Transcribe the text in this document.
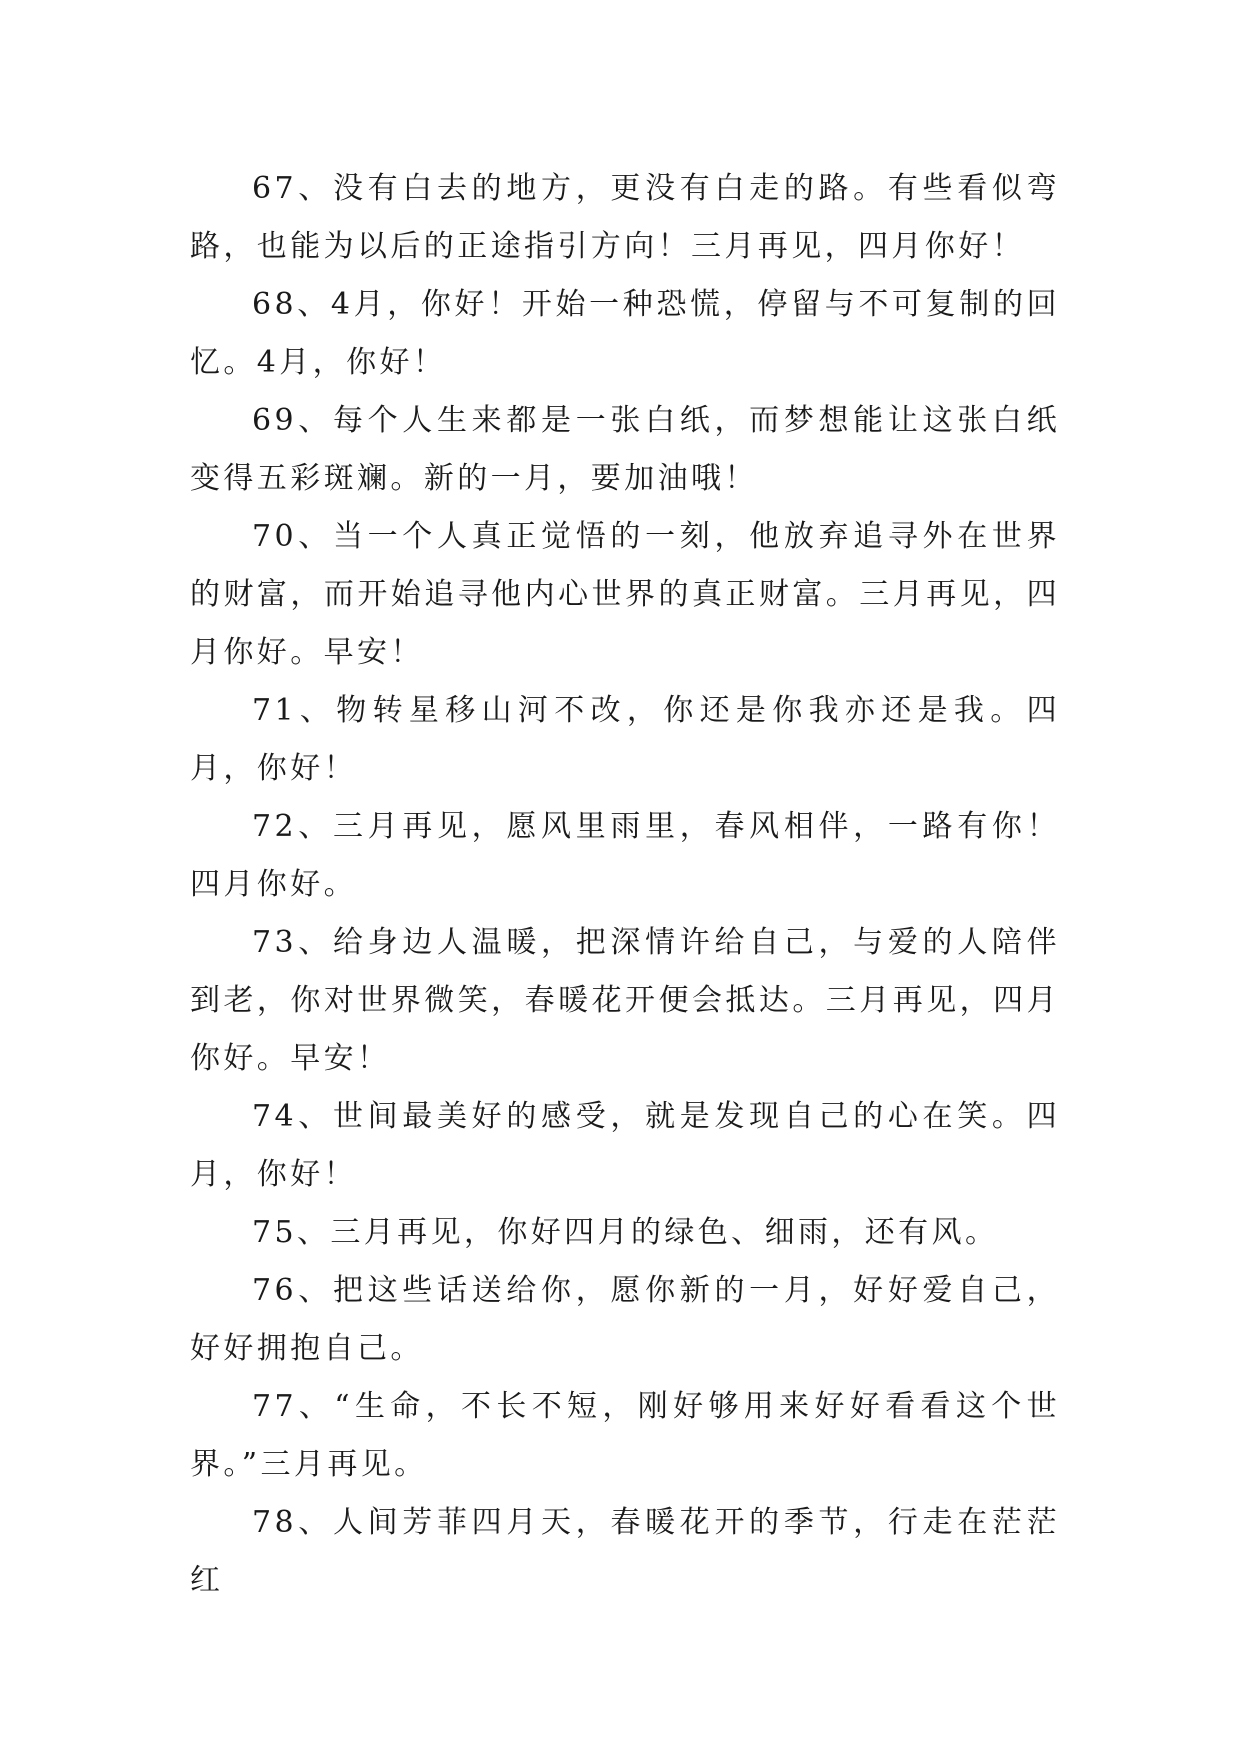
67、没有白去的地方，更没有白走的路。有些看似弯路，也能为以后的正途指引方向！三月再见，四月你好！

68、4月，你好！开始一种恐慌，停留与不可复制的回忆。4月，你好！

69、每个人生来都是一张白纸，而梦想能让这张白纸变得五彩斑斓。新的一月，要加油哦！

70、当一个人真正觉悟的一刻，他放弃追寻外在世界的财富，而开始追寻他内心世界的真正财富。三月再见，四月你好。早安！

71、物转星移山河不改，你还是你我亦还是我。四月，你好！

72、三月再见，愿风里雨里，春风相伴，一路有你！四月你好。

73、给身边人温暖，把深情许给自己，与爱的人陪伴到老，你对世界微笑，春暖花开便会抵达。三月再见，四月你好。早安！

74、世间最美好的感受，就是发现自己的心在笑。四月，你好！

75、三月再见，你好四月的绿色、细雨，还有风。

76、把这些话送给你，愿你新的一月，好好爱自己，好好拥抱自己。

77、“生命，不长不短，刚好够用来好好看看这个世界。”三月再见。

78、人间芳菲四月天，春暖花开的季节，行走在茫茫红
